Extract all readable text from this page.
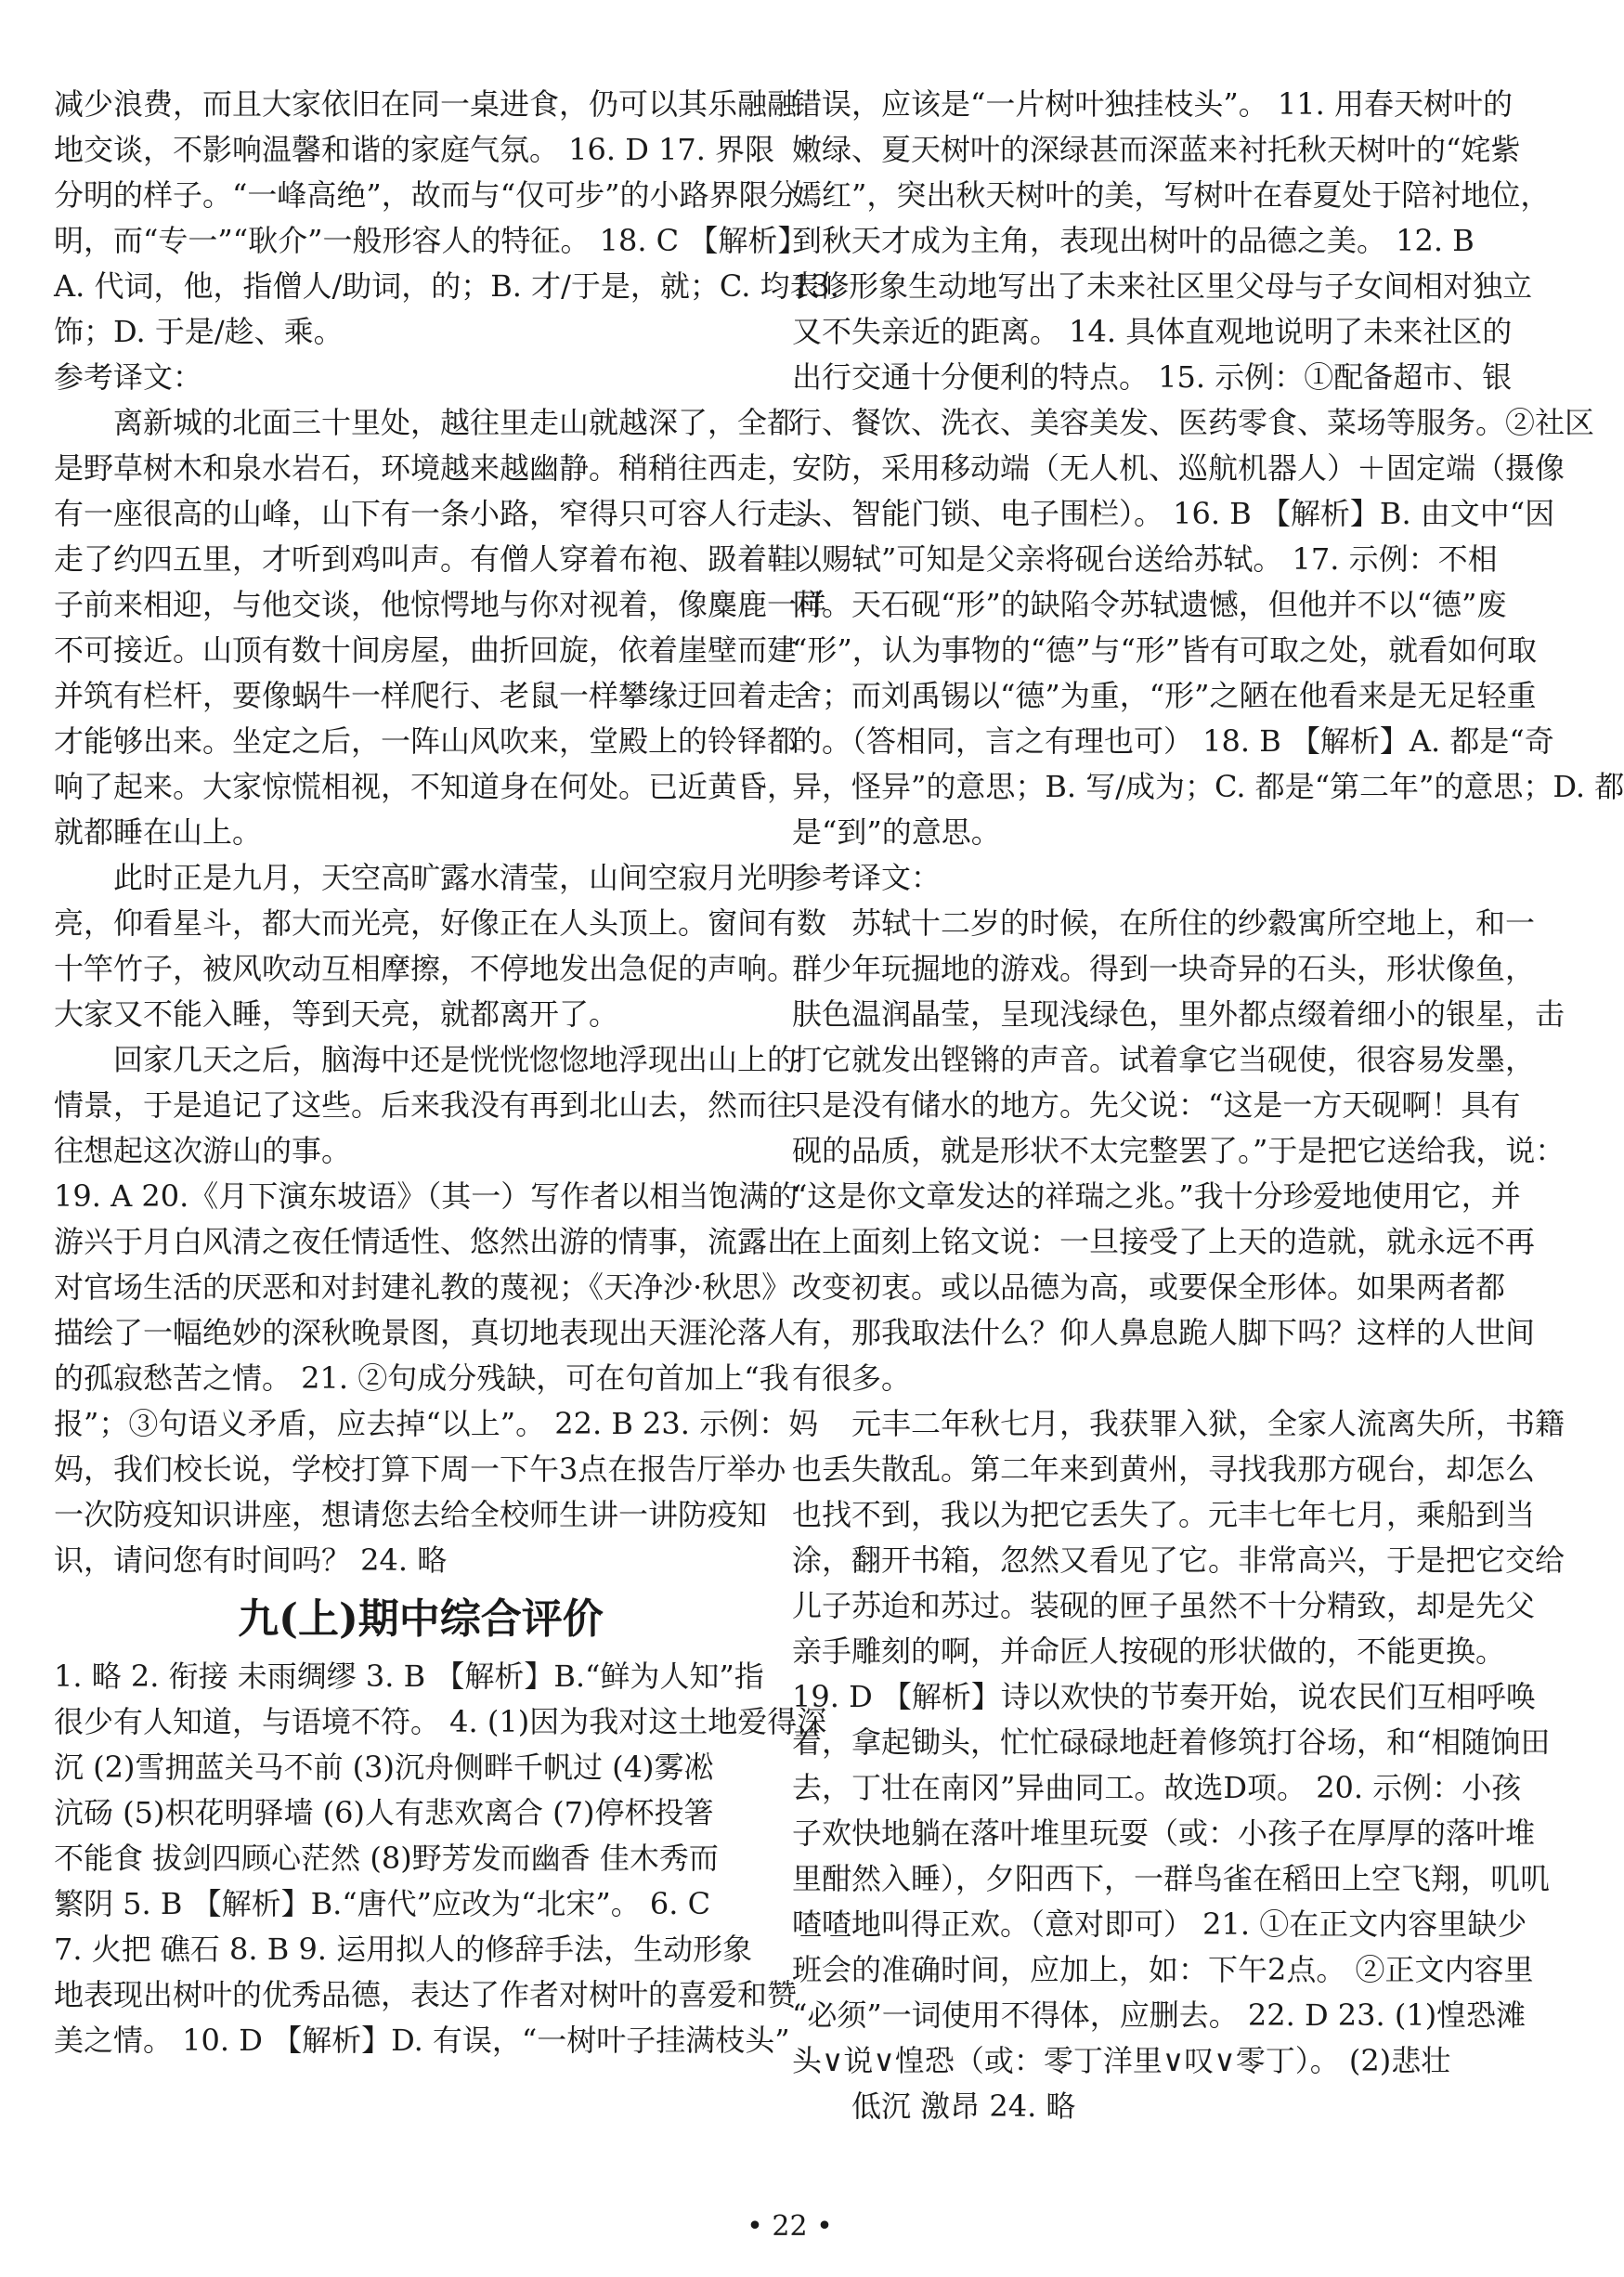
减少浪费，而且大家依旧在同一桌进食，仍可以其乐融融
地交谈，不影响温馨和谐的家庭气氛。 16. D 17. 界限
分明的样子。“一峰高绝”，故而与“仅可步”的小路界限分
明，而“专一”“耿介”一般形容人的特征。 18. C 【解析】
A. 代词，他，指僧人/助词，的；B. 才/于是，就；C. 均表修
饰；D. 于是/趁、乘。
参考译文：
离新城的北面三十里处，越往里走山就越深了，全都
是野草树木和泉水岩石，环境越来越幽静。稍稍往西走，
有一座很高的山峰，山下有一条小路，窄得只可容人行走。
走了约四五里，才听到鸡叫声。有僧人穿着布袍、趿着鞋
子前来相迎，与他交谈，他惊愕地与你对视着，像麋鹿一样
不可接近。山顶有数十间房屋，曲折回旋，依着崖壁而建
并筑有栏杆，要像蜗牛一样爬行、老鼠一样攀缘迂回着走
才能够出来。坐定之后，一阵山风吹来，堂殿上的铃铎都
响了起来。大家惊慌相视，不知道身在何处。已近黄昏，
就都睡在山上。
此时正是九月，天空高旷露水清莹，山间空寂月光明
亮，仰看星斗，都大而光亮，好像正在人头顶上。窗间有数
十竿竹子，被风吹动互相摩擦，不停地发出急促的声响。
大家又不能入睡，等到天亮，就都离开了。
回家几天之后，脑海中还是恍恍惚惚地浮现出山上的
情景，于是追记了这些。后来我没有再到北山去，然而往
往想起这次游山的事。
19. A 20.《月下演东坡语》（其一）写作者以相当饱满的
游兴于月白风清之夜任情适性、悠然出游的情事，流露出
对官场生活的厌恶和对封建礼教的蔑视；《天净沙·秋思》
描绘了一幅绝妙的深秋晚景图，真切地表现出天涯沦落人
的孤寂愁苦之情。 21. ②句成分残缺，可在句首加上“我
报”；③句语义矛盾，应去掉“以上”。 22. B 23. 示例：妈
妈，我们校长说，学校打算下周一下午3点在报告厅举办
一次防疫知识讲座，想请您去给全校师生讲一讲防疫知
识，请问您有时间吗？ 24. 略
九(上)期中综合评价
1. 略 2. 衔接 未雨绸缪 3. B 【解析】B.“鲜为人知”指
很少有人知道，与语境不符。 4. (1)因为我对这土地爱得深
沉 (2)雪拥蓝关马不前 (3)沉舟侧畔千帆过 (4)雾凇
沆砀 (5)枳花明驿墙 (6)人有悲欢离合 (7)停杯投箸
不能食 拔剑四顾心茫然 (8)野芳发而幽香 佳木秀而
繁阴 5. B 【解析】B.“唐代”应改为“北宋”。 6. C
7. 火把 礁石 8. B 9. 运用拟人的修辞手法，生动形象
地表现出树叶的优秀品德，表达了作者对树叶的喜爱和赞
美之情。 10. D 【解析】D. 有误，“一树叶子挂满枝头”
错误，应该是“一片树叶独挂枝头”。 11. 用春天树叶的
嫩绿、夏天树叶的深绿甚而深蓝来衬托秋天树叶的“姹紫
嫣红”，突出秋天树叶的美，写树叶在春夏处于陪衬地位，
到秋天才成为主角，表现出树叶的品德之美。 12. B
13. 形象生动地写出了未来社区里父母与子女间相对独立
又不失亲近的距离。 14. 具体直观地说明了未来社区的
出行交通十分便利的特点。 15. 示例：①配备超市、银
行、餐饮、洗衣、美容美发、医药零食、菜场等服务。②社区
安防，采用移动端（无人机、巡航机器人）＋固定端（摄像
头、智能门锁、电子围栏）。 16. B 【解析】B. 由文中“因
以赐轼”可知是父亲将砚台送给苏轼。 17. 示例：不相
同。天石砚“形”的缺陷令苏轼遗憾，但他并不以“德”废
“形”，认为事物的“德”与“形”皆有可取之处，就看如何取
舍；而刘禹锡以“德”为重，“形”之陋在他看来是无足轻重
的。（答相同，言之有理也可） 18. B 【解析】A. 都是“奇
异，怪异”的意思；B. 写/成为；C. 都是“第二年”的意思；D. 都
是“到”的意思。
参考译文：
苏轼十二岁的时候，在所住的纱縠寓所空地上，和一
群少年玩掘地的游戏。得到一块奇异的石头，形状像鱼，
肤色温润晶莹，呈现浅绿色，里外都点缀着细小的银星，击
打它就发出铿锵的声音。试着拿它当砚使，很容易发墨，
只是没有储水的地方。先父说：“这是一方天砚啊！具有
砚的品质，就是形状不太完整罢了。”于是把它送给我，说：
“这是你文章发达的祥瑞之兆。”我十分珍爱地使用它，并
在上面刻上铭文说：一旦接受了上天的造就，就永远不再
改变初衷。或以品德为高，或要保全形体。如果两者都
有，那我取法什么？仰人鼻息跪人脚下吗？这样的人世间
有很多。
元丰二年秋七月，我获罪入狱，全家人流离失所，书籍
也丢失散乱。第二年来到黄州，寻找我那方砚台，却怎么
也找不到，我以为把它丢失了。元丰七年七月，乘船到当
涂，翻开书箱，忽然又看见了它。非常高兴，于是把它交给
儿子苏迨和苏过。装砚的匣子虽然不十分精致，却是先父
亲手雕刻的啊，并命匠人按砚的形状做的，不能更换。
19. D 【解析】诗以欢快的节奏开始，说农民们互相呼唤
着，拿起锄头，忙忙碌碌地赶着修筑打谷场，和“相随饷田
去，丁壮在南冈”异曲同工。故选D项。 20. 示例：小孩
子欢快地躺在落叶堆里玩耍（或：小孩子在厚厚的落叶堆
里酣然入睡），夕阳西下，一群鸟雀在稻田上空飞翔，叽叽
喳喳地叫得正欢。（意对即可） 21. ①在正文内容里缺少
班会的准确时间，应加上，如：下午2点。 ②正文内容里
“必须”一词使用不得体，应删去。 22. D 23. (1)惶恐滩
头∨说∨惶恐（或：零丁洋里∨叹∨零丁）。 (2)悲壮
低沉 激昂 24. 略
• 22 •
